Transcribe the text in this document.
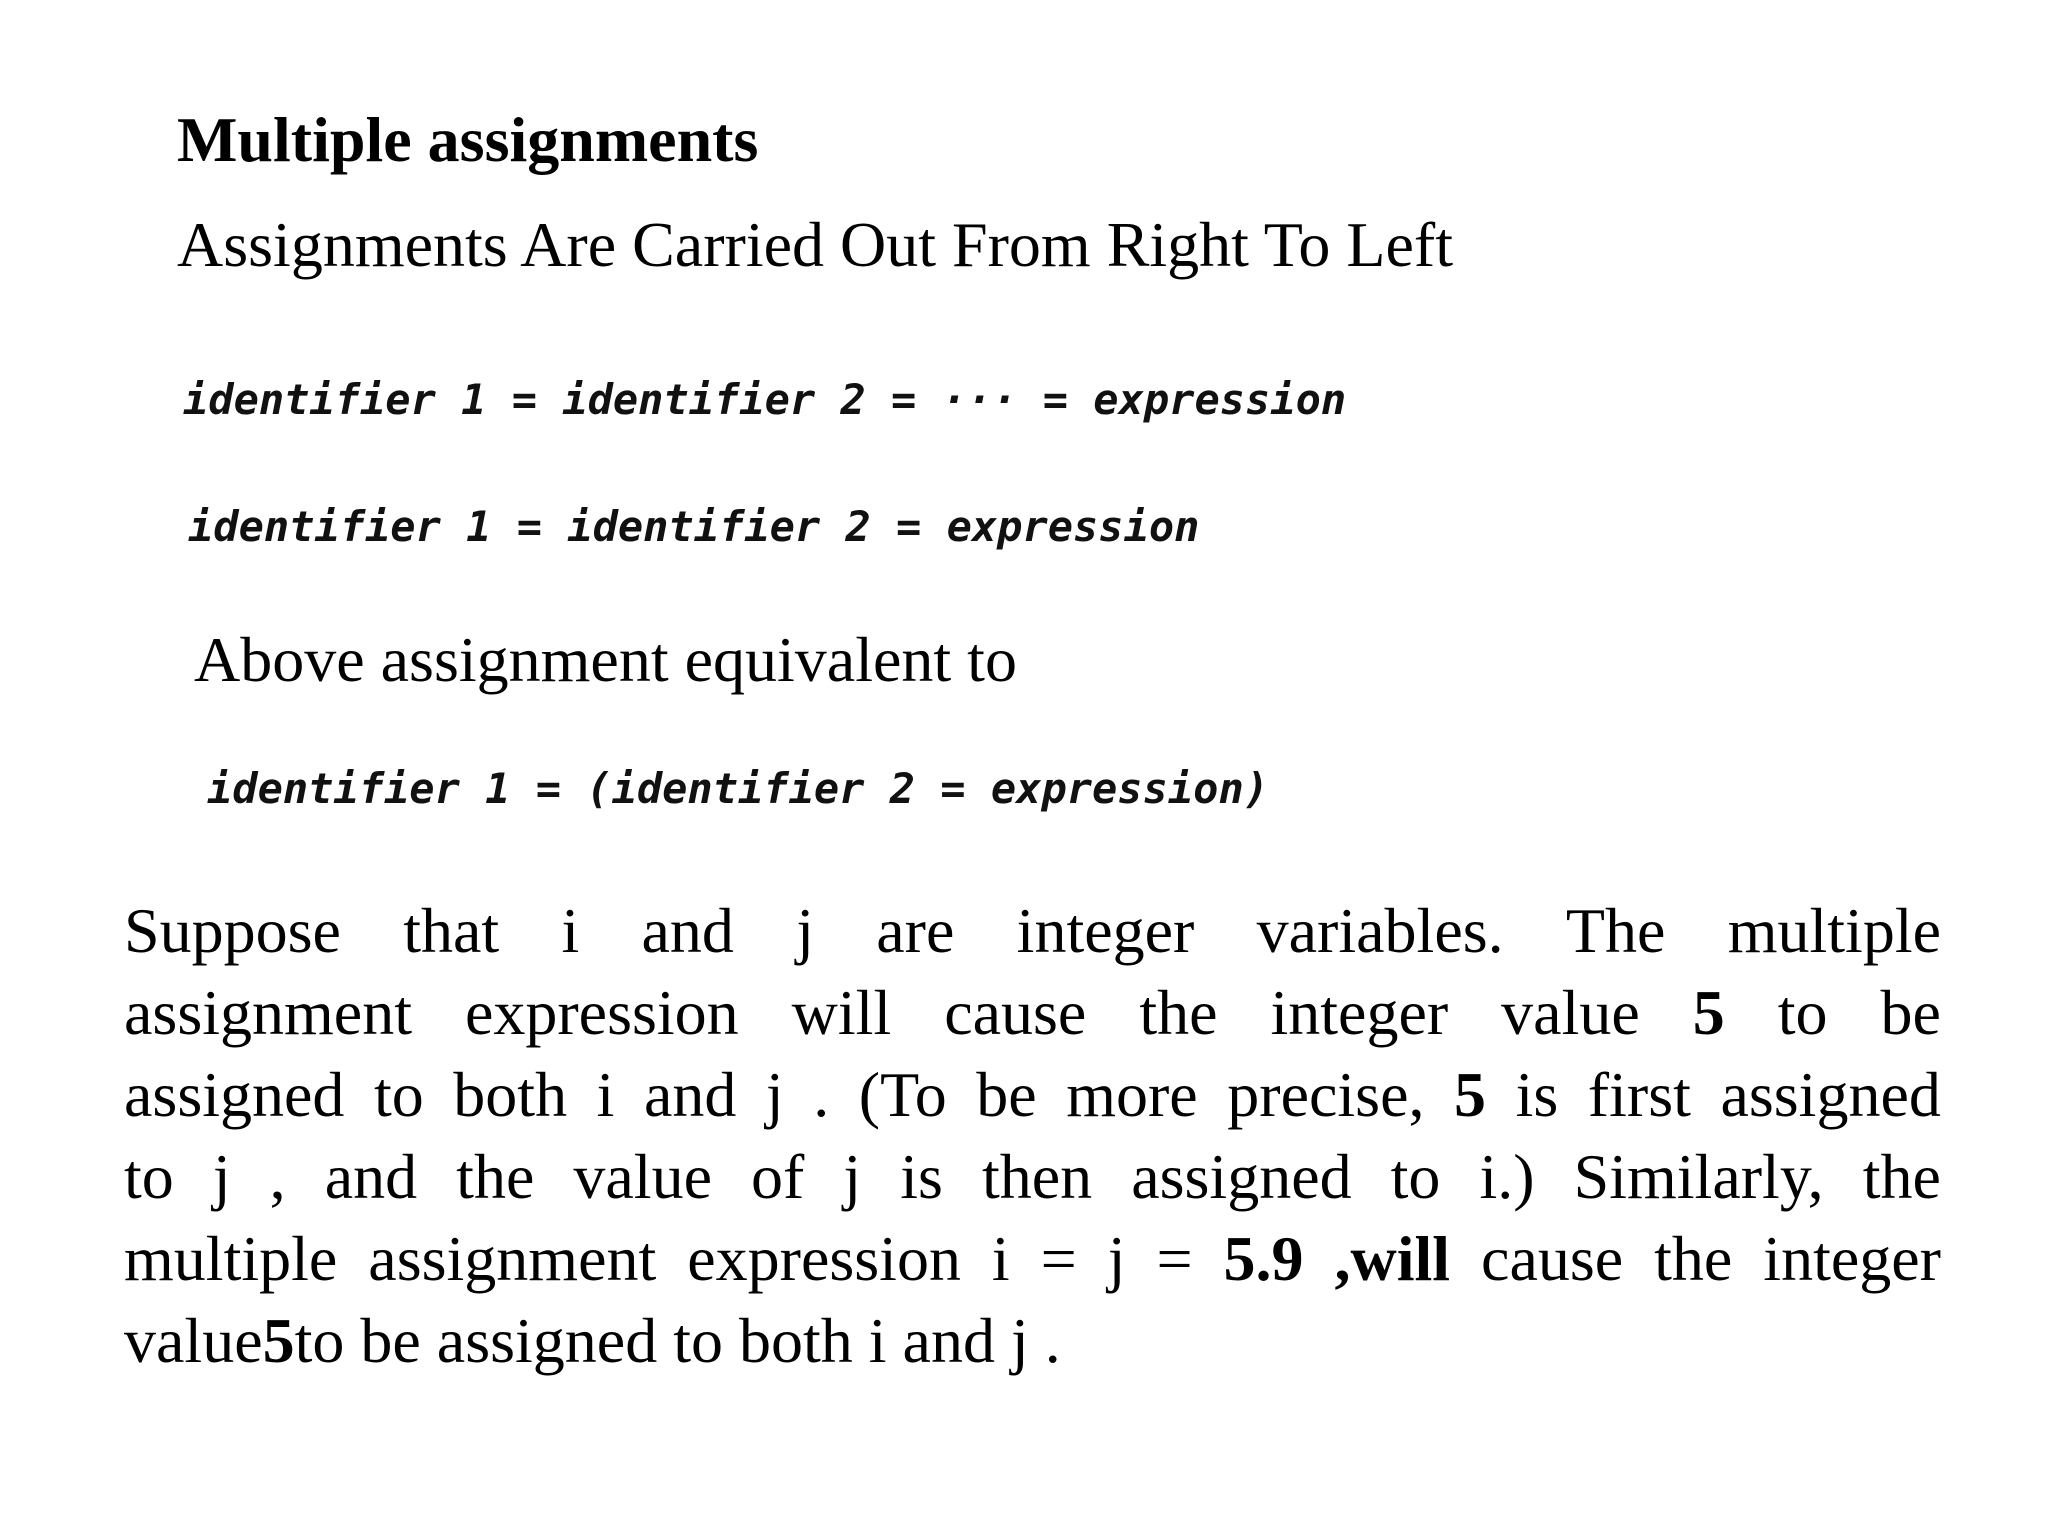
Multiple assignments
Assignments Are Carried Out From Right To Left
identifier 1 = identifier 2 = ··· = expression
identifier 1 = identifier 2 = expression
Above assignment equivalent to
identifier 1 = (identifier 2 = expression)
Suppose that i and j are integer variables. The multiple
assignment expression will cause the integer value 5 to be
assigned to both i and j . (To be more precise, 5 is first assigned
to j , and the value of j is then assigned to i.) Similarly, the
multiple assignment expression i = j = 5.9 ,will cause the integer
value 5 to be assigned to both i and j .
